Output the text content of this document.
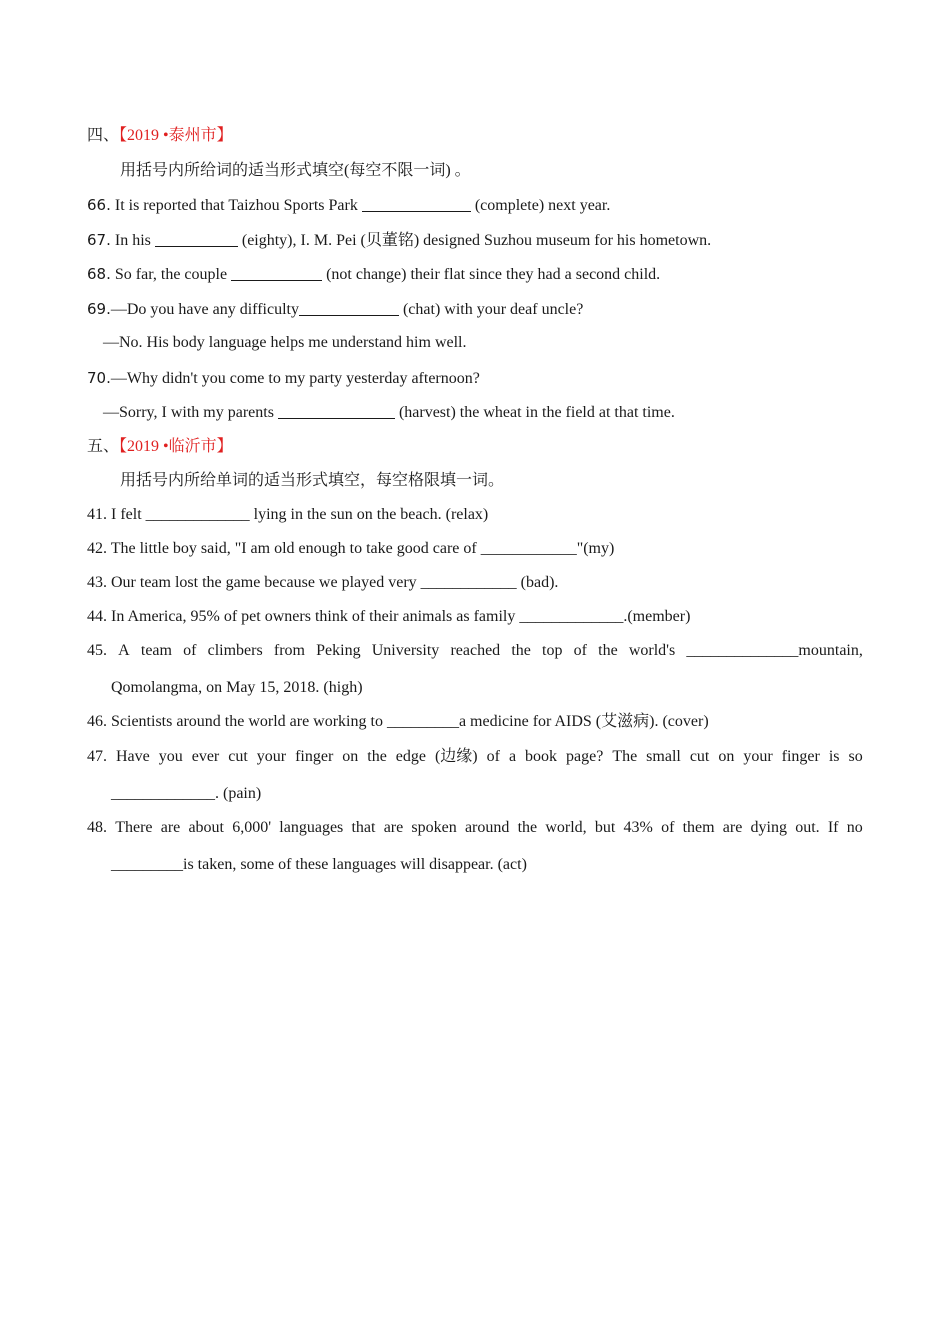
四、【2019 •泰州市】
用括号内所给词的适当形式填空(每空不限一词) 。
66. It is reported that Taizhou Sports Park	(complete) next year.
67. In his	(eighty), I. M. Pei (贝董铭) designed Suzhou museum for his hometown.
68. So far, the couple	(not change) their flat since they had a second child.
69.—Do you have any difficulty	(chat) with your deaf uncle?
—No. His body language helps me understand him well.
70.—Why didn't you come to my party yesterday afternoon?
—Sorry, I with my parents	(harvest) the wheat in the field at that time.
五、【2019 •临沂市】
用括号内所给单词的适当形式填空，每空格限填一词。
41. I felt _____________ lying in the sun on the beach. (relax)
42. The little boy said, "I am old enough to take good care of ____________"(my)
43. Our team lost the game because we played very ____________ (bad).
44. In America, 95% of pet owners think of their animals as family _____________.(member)
45. A team of climbers from Peking University reached the top of the world's ______________mountain,
Qomolangma, on May 15, 2018. (high)
46. Scientists around the world are working to _________a medicine for AIDS (艾滋病). (cover)
47. Have you ever cut your finger on the edge (边缘) of a book page? The small cut on your finger is so
_____________. (pain)
48. There are about 6,000' languages that are spoken around the world, but 43% of them are dying out. If no
_________is taken, some of these languages will disappear. (act)
